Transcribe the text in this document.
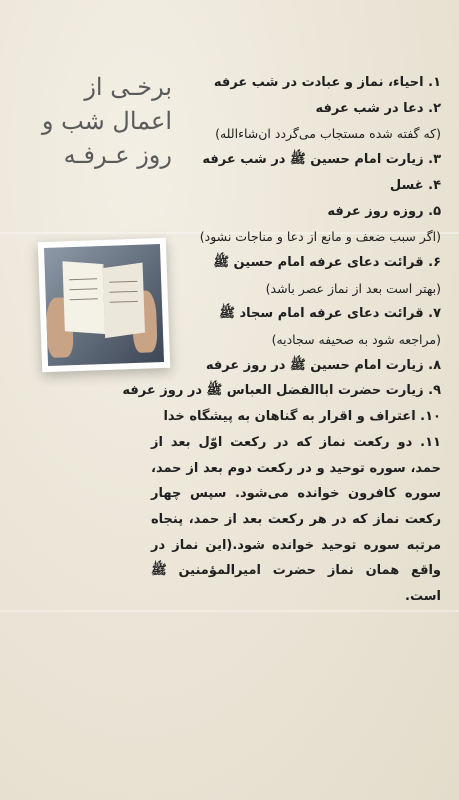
برخـی از
اعمال شب و
روز عـرفـه
۱. احیاء، نماز و عبادت در شب عرفه
۲. دعا در شب عرفه
(که گفته شده مستجاب می‌گردد ان‌شاءالله)
۳. زیارت امام حسین ﷺ در شب عرفه
۴. غسل
۵. روزه روز عرفه
(اگر سبب ضعف و مانع از دعا و مناجات نشود)
۶. قرائت دعای عرفه امام حسین ﷺ
(بهتر است بعد از نماز عصر باشد)
۷. قرائت دعای عرفه امام سجاد ﷺ
(مراجعه شود به صحیفه سجادیه)
۸. زیارت امام حسین ﷺ در روز عرفه
۹. زیارت حضرت اباالفضل العباس ﷺ در روز عرفه
۱۰. اعتراف و اقرار به گناهان به پیشگاه خدا
۱۱. دو رکعت نماز که در رکعت اوّل بعد از حمد، سوره توحید و در رکعت دوم بعد از حمد، سوره کافرون خوانده می‌شود. سپس چهار رکعت نماز که در هر رکعت بعد از حمد، پنجاه مرتبه سوره توحید خوانده شود.(این نماز در واقع همان نماز حضرت امیرالمؤمنین ﷺ است.
